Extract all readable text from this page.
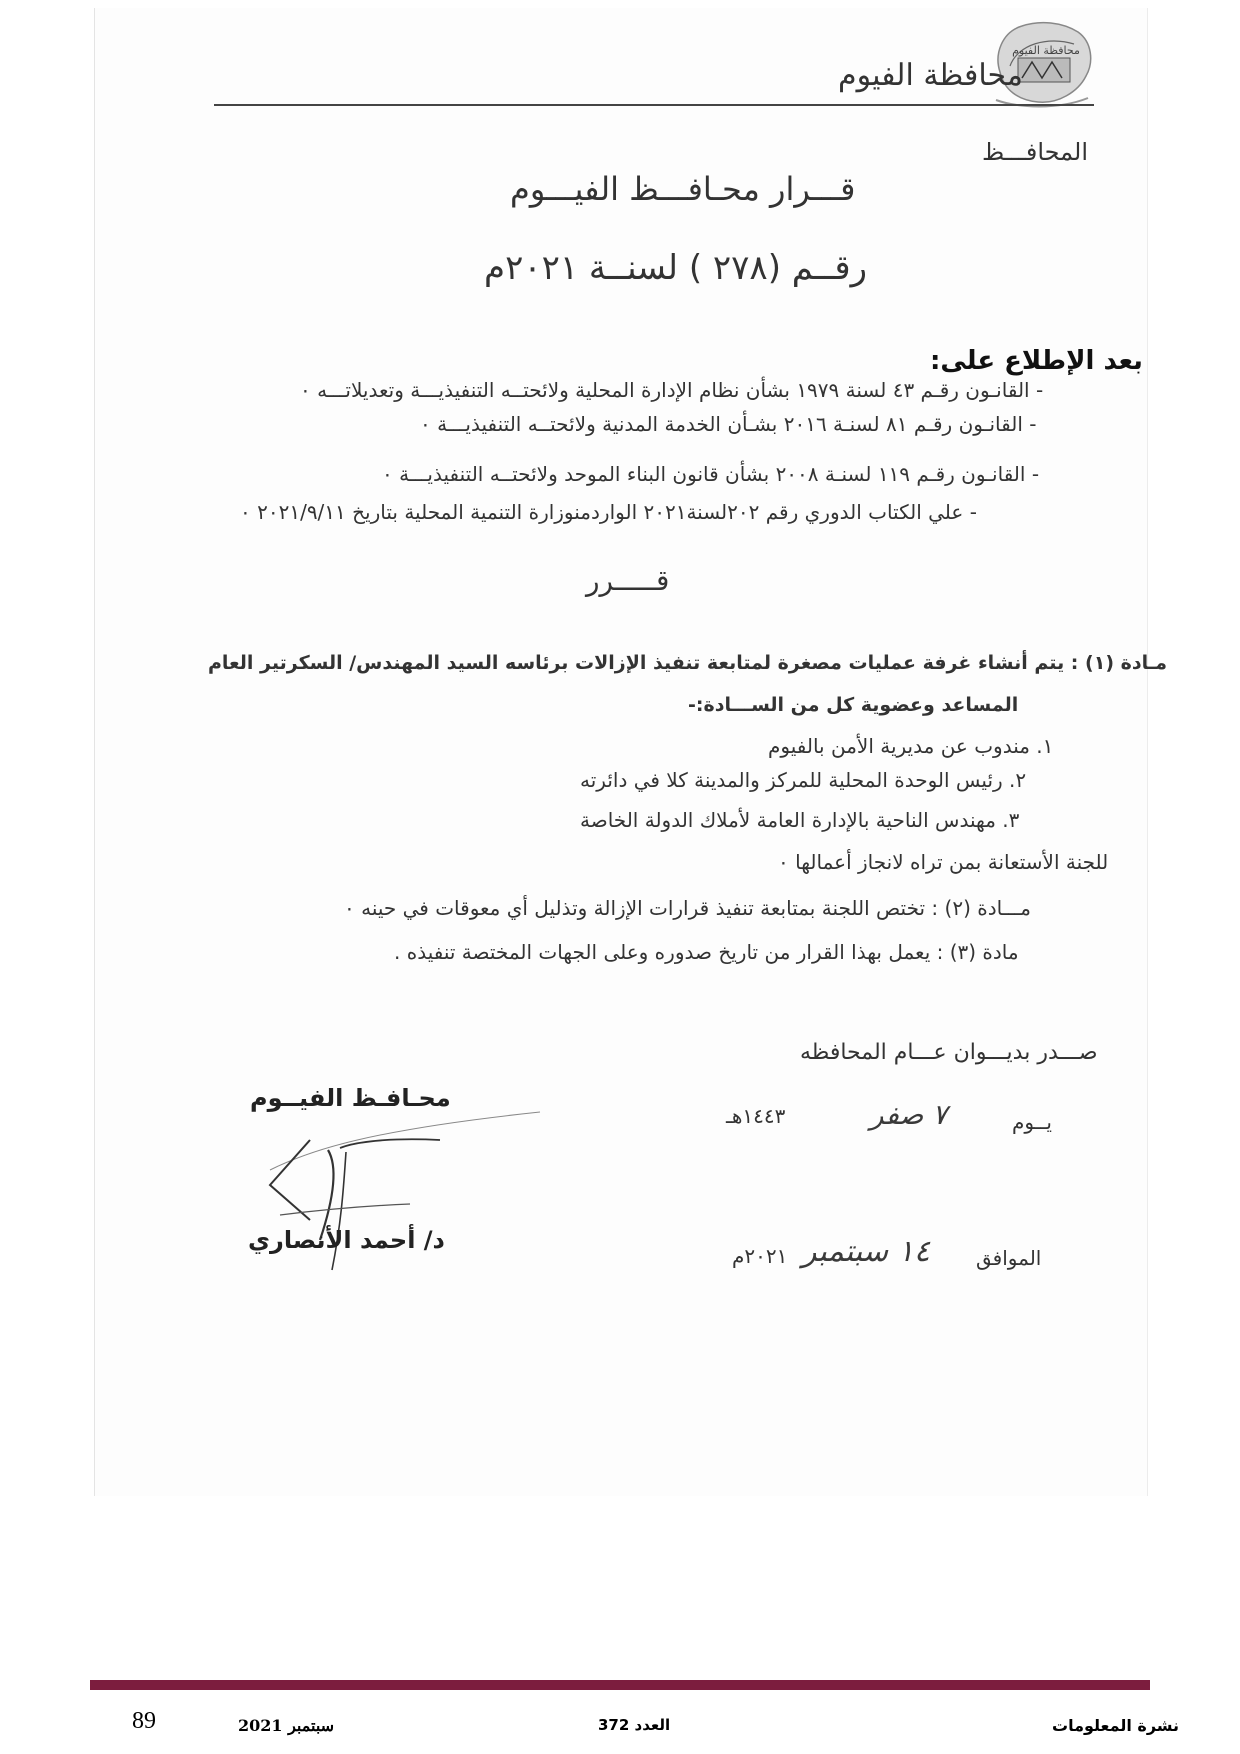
محافظة الفيوم
محافظة الفيوم
المحافـــظ
قـــرار محـافـــظ الفيـــوم
رقــم (٢٧٨ ) لسنــة ٢٠٢١م
بعد الإطلاع على:
- القانـون رقـم ٤٣ لسنة ١٩٧٩ بشأن نظام الإدارة المحلية ولائحتــه التنفيذيـــة وتعديلاتـــه ٠
- القانـون رقـم ٨١ لسنـة ٢٠١٦ بشـأن الخدمة المدنية ولائحتــه التنفيذيـــة ٠
- القانـون رقـم ١١٩ لسنـة ٢٠٠٨ بشأن قانون البناء الموحد ولائحتــه التنفيذيـــة ٠
- علي الكتاب الدوري رقم ٢٠٢لسنة٢٠٢١ الواردمنوزارة التنمية المحلية بتاريخ ٢٠٢١/٩/١١ ٠
قـــــرر
مـادة (١) : يتم أنشاء غرفة عمليات مصغرة لمتابعة تنفيذ الإزالات برئاسه السيد المهندس/ السكرتير العام
المساعد وعضوية كل من الســـادة:-
١. مندوب عن مديرية الأمن بالفيوم
٢. رئيس الوحدة المحلية للمركز والمدينة كلا في دائرته
٣. مهندس الناحية بالإدارة العامة لأملاك الدولة الخاصة
للجنة الأستعانة بمن تراه لانجاز أعمالها ٠
مـــادة (٢) : تختص اللجنة بمتابعة تنفيذ قرارات الإزالة وتذليل أي معوقات في حينه ٠
مادة (٣) : يعمل بهذا القرار من تاريخ صدوره وعلى الجهات المختصة تنفيذه .
صـــدر بديـــوان عـــام المحافظه
محـافـظ الفيــوم
يــوم
٧ صفر
١٤٤٣هـ
د/ أحمد الأنصاري
الموافق
١٤ سبتمبر
٢٠٢١م
نشرة المعلومات
العدد 372
سبتمبر 2021
89
